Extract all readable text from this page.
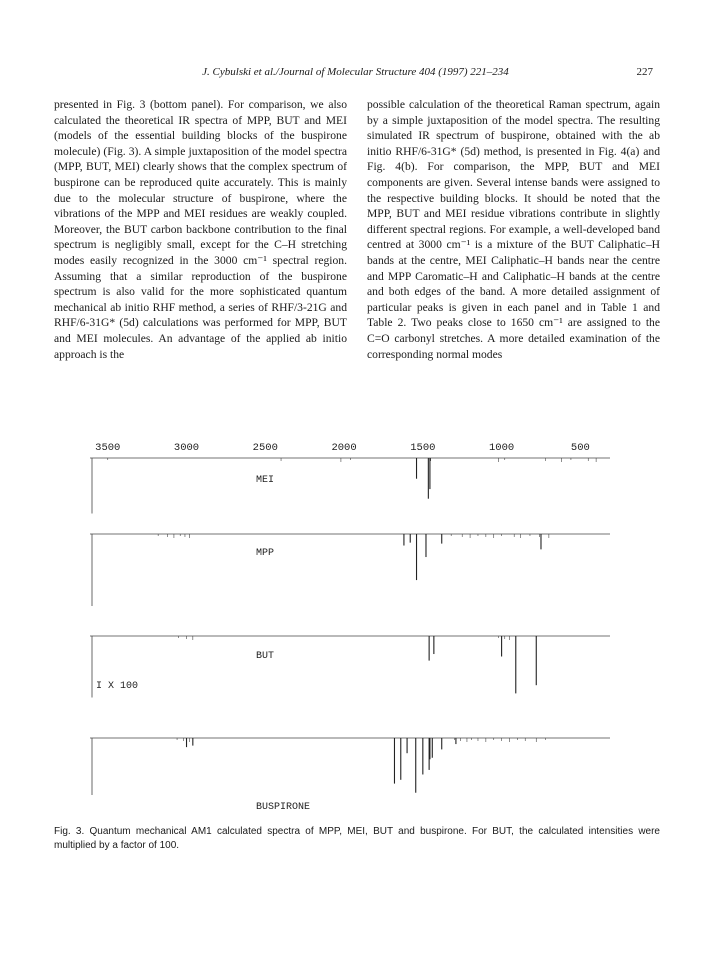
J. Cybulski et al./Journal of Molecular Structure 404 (1997) 221–234	227

presented in Fig. 3 (bottom panel). For comparison, we also calculated the theoretical IR spectra of MPP, BUT and MEI (models of the essential building blocks of the buspirone molecule) (Fig. 3). A simple juxtaposition of the model spectra (MPP, BUT, MEI) clearly shows that the complex spectrum of buspirone can be reproduced quite accurately. This is mainly due to the molecular structure of buspirone, where the vibrations of the MPP and MEI residues are weakly coupled. Moreover, the BUT carbon backbone contribution to the final spectrum is negligibly small, except for the C–H stretching modes easily recognized in the 3000 cm⁻¹ spectral region. Assuming that a similar reproduction of the buspirone spectrum is also valid for the more sophisticated quantum mechanical ab initio RHF method, a series of RHF/3-21G and RHF/6-31G* (5d) calculations was performed for MPP, BUT and MEI molecules. An advantage of the applied ab initio approach is the

possible calculation of the theoretical Raman spectrum, again by a simple juxtaposition of the model spectra. The resulting simulated IR spectrum of buspirone, obtained with the ab initio RHF/6-31G* (5d) method, is presented in Fig. 4(a) and Fig. 4(b). For comparison, the MPP, BUT and MEI components are given. Several intense bands were assigned to the respective building blocks. It should be noted that the MPP, BUT and MEI residue vibrations contribute in slightly different spectral regions. For example, a well-developed band centred at 3000 cm⁻¹ is a mixture of the BUT Caliphatic–H bands at the centre, MEI Caliphatic–H bands near the centre and MPP Caromatic–H and Caliphatic–H bands at the centre and both edges of the band. A more detailed assignment of particular peaks is given in each panel and in Table 1 and Table 2. Two peaks close to 1650 cm⁻¹ are assigned to the C=O carbonyl stretches. A more detailed examination of the corresponding normal modes

3500	3000	2500	2000	1500	1000	500
MEI
MPP
BUT
BUSPIRONE
I X 100
Fig. 3. Quantum mechanical AM1 calculated spectra of MPP, MEI, BUT and buspirone. For BUT, the calculated intensities were multiplied by a factor of 100.
